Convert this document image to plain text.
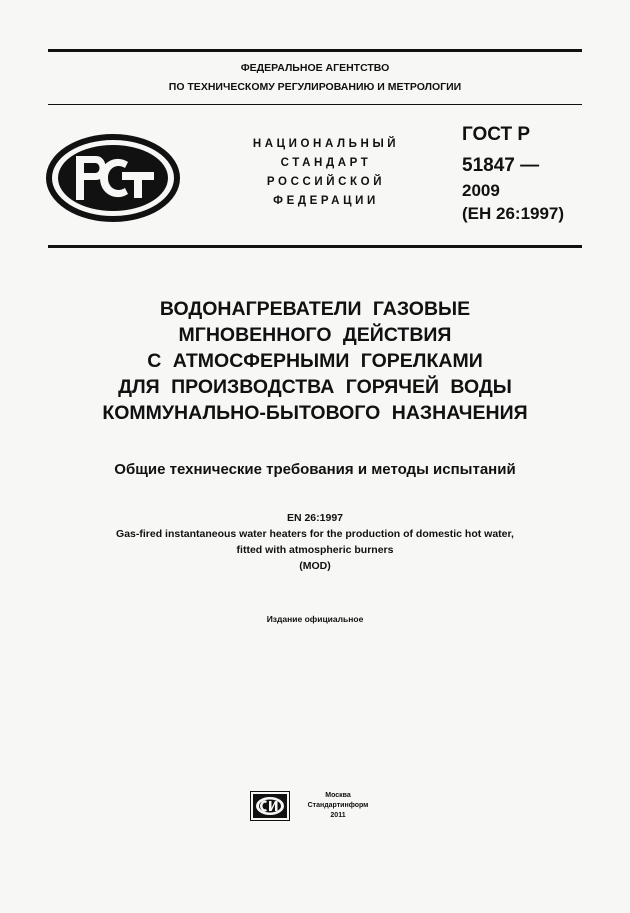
ФЕДЕРАЛЬНОЕ АГЕНТСТВО
ПО ТЕХНИЧЕСКОМУ РЕГУЛИРОВАНИЮ И МЕТРОЛОГИИ
НАЦИОНАЛЬНЫЙ
СТАНДАРТ
РОССИЙСКОЙ
ФЕДЕРАЦИИ
ГОСТ Р
51847 —
2009
(ЕН 26:1997)
ВОДОНАГРЕВАТЕЛИ ГАЗОВЫЕ
МГНОВЕННОГО ДЕЙСТВИЯ
С АТМОСФЕРНЫМИ ГОРЕЛКАМИ
ДЛЯ ПРОИЗВОДСТВА ГОРЯЧЕЙ ВОДЫ
КОММУНАЛЬНО-БЫТОВОГО НАЗНАЧЕНИЯ
Общие технические требования и методы испытаний
EN 26:1997
Gas-fired instantaneous water heaters for the production of domestic hot water,
fitted with atmospheric burners
(MOD)
Издание официальное
Москва
Стандартинформ
2011
